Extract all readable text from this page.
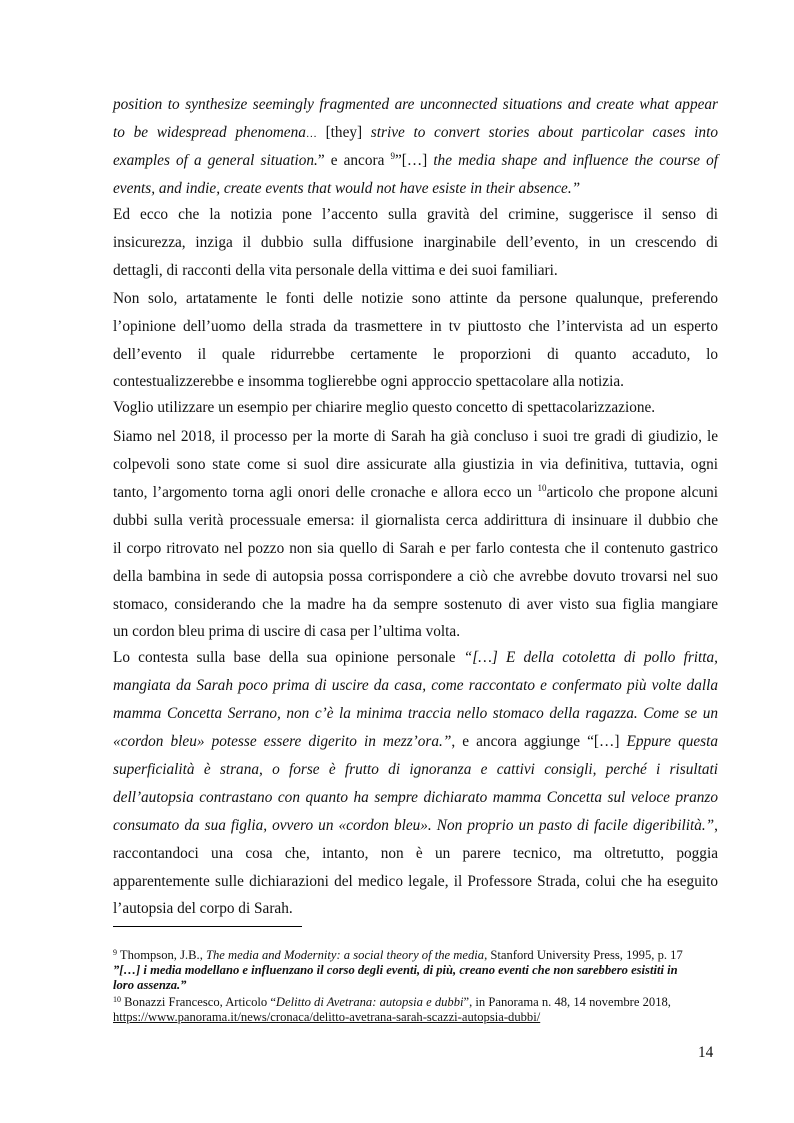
position to synthesize seemingly fragmented are unconnected situations and create what appear
to be widespread phenomena… [they] strive to convert stories about particolar cases into
examples of a general situation.” e ancora $^9$”[…] the media shape and influence the course of
events, and indie, create events that would not have esiste in their absence.”
Ed ecco che la notizia pone l’accento sulla gravità del crimine, suggerisce il senso di
insicurezza, inziga il dubbio sulla diffusione inarginabile dell’evento, in un crescendo di
dettagli, di racconti della vita personale della vittima e dei suoi familiari.
Non solo, artatamente le fonti delle notizie sono attinte da persone qualunque, preferendo
l’opinione dell’uomo della strada da trasmettere in tv piuttosto che l’intervista ad un esperto
dell’evento il quale ridurrebbe certamente le proporzioni di quanto accaduto, lo
contestualizzerebbe e insomma toglierebbe ogni approccio spettacolare alla notizia.
Voglio utilizzare un esempio per chiarire meglio questo concetto di spettacolarizzazione.
Siamo nel 2018, il processo per la morte di Sarah ha già concluso i suoi tre gradi di giudizio, le
colpevoli sono state come si suol dire assicurate alla giustizia in via definitiva, tuttavia, ogni
tanto, l’argomento torna agli onori delle cronache e allora ecco un $^{10}$articolo che propone alcuni
dubbi sulla verità processuale emersa: il giornalista cerca addirittura di insinuare il dubbio che
il corpo ritrovato nel pozzo non sia quello di Sarah e per farlo contesta che il contenuto gastrico
della bambina in sede di autopsia possa corrispondere a ciò che avrebbe dovuto trovarsi nel suo
stomaco, considerando che la madre ha da sempre sostenuto di aver visto sua figlia mangiare
un cordon bleu prima di uscire di casa per l’ultima volta.
Lo contesta sulla base della sua opinione personale “[…] E della cotoletta di pollo fritta,
mangiata da Sarah poco prima di uscire da casa, come raccontato e confermato più volte dalla
mamma Concetta Serrano, non c’è la minima traccia nello stomaco della ragazza. Come se un
«cordon bleu» potesse essere digerito in mezz’ora.”, e ancora aggiunge “[…] Eppure questa
superficialità è strana, o forse è frutto di ignoranza e cattivi consigli, perché i risultati
dell’autopsia contrastano con quanto ha sempre dichiarato mamma Concetta sul veloce pranzo
consumato da sua figlia, ovvero un «cordon bleu». Non proprio un pasto di facile digeribilità.”,
raccontandoci una cosa che, intanto, non è un parere tecnico, ma oltretutto, poggia
apparentemente sulle dichiarazioni del medico legale, il Professore Strada, colui che ha eseguito
l’autopsia del corpo di Sarah.
$^9$ Thompson, J.B., The media and Modernity: a social theory of the media, Stanford University Press, 1995, p. 17
”[…] i media modellano e influenzano il corso degli eventi, di più, creano eventi che non sarebbero esistiti in
loro assenza.”
$^{10}$ Bonazzi Francesco, Articolo “Delitto di Avetrana: autopsia e dubbi”, in Panorama n. 48, 14 novembre 2018,
https://www.panorama.it/news/cronaca/delitto-avetrana-sarah-scazzi-autopsia-dubbi/
14
